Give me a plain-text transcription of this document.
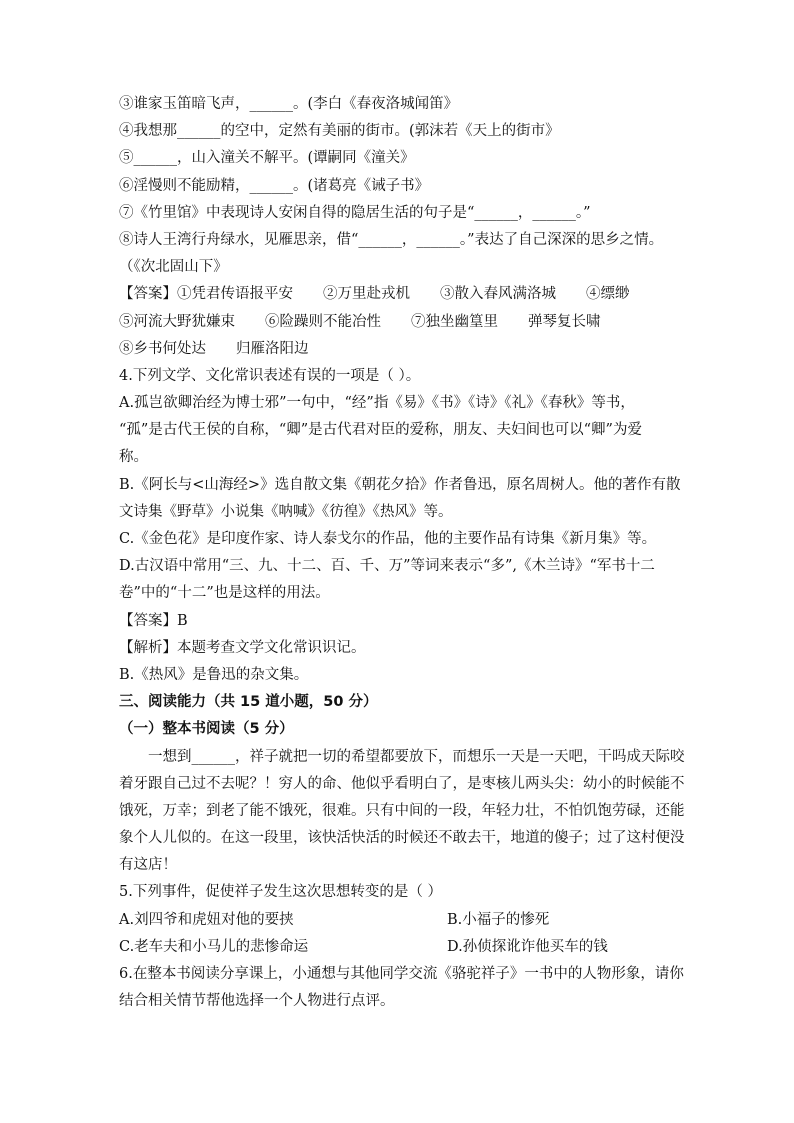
③谁家玉笛暗飞声，______。(李白《春夜洛城闻笛》
④我想那______的空中，定然有美丽的街市。(郭沫若《天上的街市》
⑤______，山入潼关不解平。(谭嗣同《潼关》
⑥淫慢则不能励精，______。(诸葛亮《诫子书》
⑦《竹里馆》中表现诗人安闲自得的隐居生活的句子是“______，______。”
⑧诗人王湾行舟绿水，见雁思亲，借“______，______。”表达了自己深深的思乡之情。
（《次北固山下》
【答案】 ①凭君传语报平安 ②万里赴戎机 ③散入春风满洛城 ④缥缈
⑤河流大野犹嫌束 ⑥险躁则不能冶性 ⑦独坐幽篁里 弹琴复长啸
⑧乡书何处达 归雁洛阳边
4.下列文学、文化常识表述有误的一项是（ ）。
A.孤岂欲卿治经为博士邪”一句中，“经”指《易》《书》《诗》《礼》《春秋》等书，
“孤”是古代王侯的自称，“卿”是古代君对臣的爱称，朋友、夫妇间也可以“卿”为爱
称。
B.《阿长与<山海经>》选自散文集《朝花夕拾》作者鲁迅，原名周树人。他的著作有散
文诗集《野草》小说集《呐喊》《彷徨》《热风》等。
C.《金色花》是印度作家、诗人泰戈尔的作品，他的主要作品有诗集《新月集》等。
D.古汉语中常用“三、九、十二、百、千、万”等词来表示“多”,《木兰诗》“军书十二
卷”中的“十二”也是这样的用法。
【答案】B
【解析】本题考查文学文化常识识记。
B.《热风》是鲁迅的杂文集。
三、阅读能力（共 15 道小题，50 分）
（一）整本书阅读（5 分）
一想到______，祥子就把一切的希望都要放下，而想乐一天是一天吧，干吗成天际咬
着牙跟自己过不去呢？！穷人的命、他似乎看明白了，是枣核儿两头尖：幼小的时候能不
饿死，万幸；到老了能不饿死，很难。只有中间的一段，年轻力壮，不怕饥饱劳碌，还能
象个人儿似的。在这一段里，该快活快活的时候还不敢去干，地道的傻子；过了这村便没
有这店！
5.下列事件，促使祥子发生这次思想转变的是（ ）
A.刘四爷和虎妞对他的要挟	B.小福子的惨死
C.老车夫和小马儿的悲惨命运	D.孙侦探讹诈他买车的钱
6.在整本书阅读分享课上，小通想与其他同学交流《骆驼祥子》一书中的人物形象，请你
结合相关情节帮他选择一个人物进行点评。
